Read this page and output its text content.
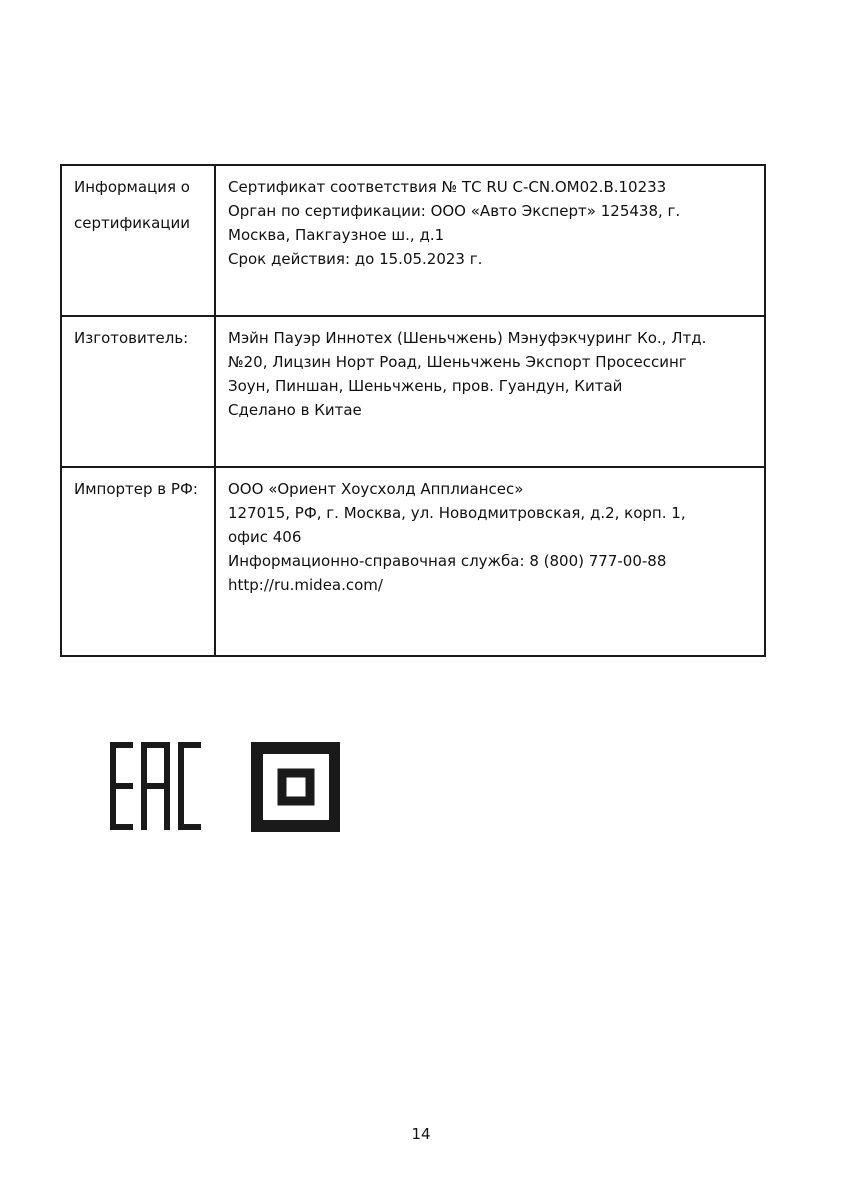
Информация о сертификации	Сертификат соответствия № ТС RU C-CN.OM02.B.10233
Орган по сертификации: ООО «Авто Эксперт» 125438, г.
Москва, Пакгаузное ш., д.1
Срок действия: до 15.05.2023 г.

Изготовитель:	Мэйн Пауэр Иннотех (Шеньчжень) Мэнуфэкчуринг Ко., Лтд.
№20, Лицзин Норт Роад, Шеньчжень Экспорт Просессинг
Зоун, Пиншан, Шеньчжень, пров. Гуандун, Китай
Сделано в Китае

Импортер в РФ:	ООО «Ориент Хоусхолд Апплиансес»
127015, РФ, г. Москва, ул. Новодмитровская, д.2, корп. 1,
офис 406
Информационно-справочная служба: 8 (800) 777-00-88
http://ru.midea.com/
14
